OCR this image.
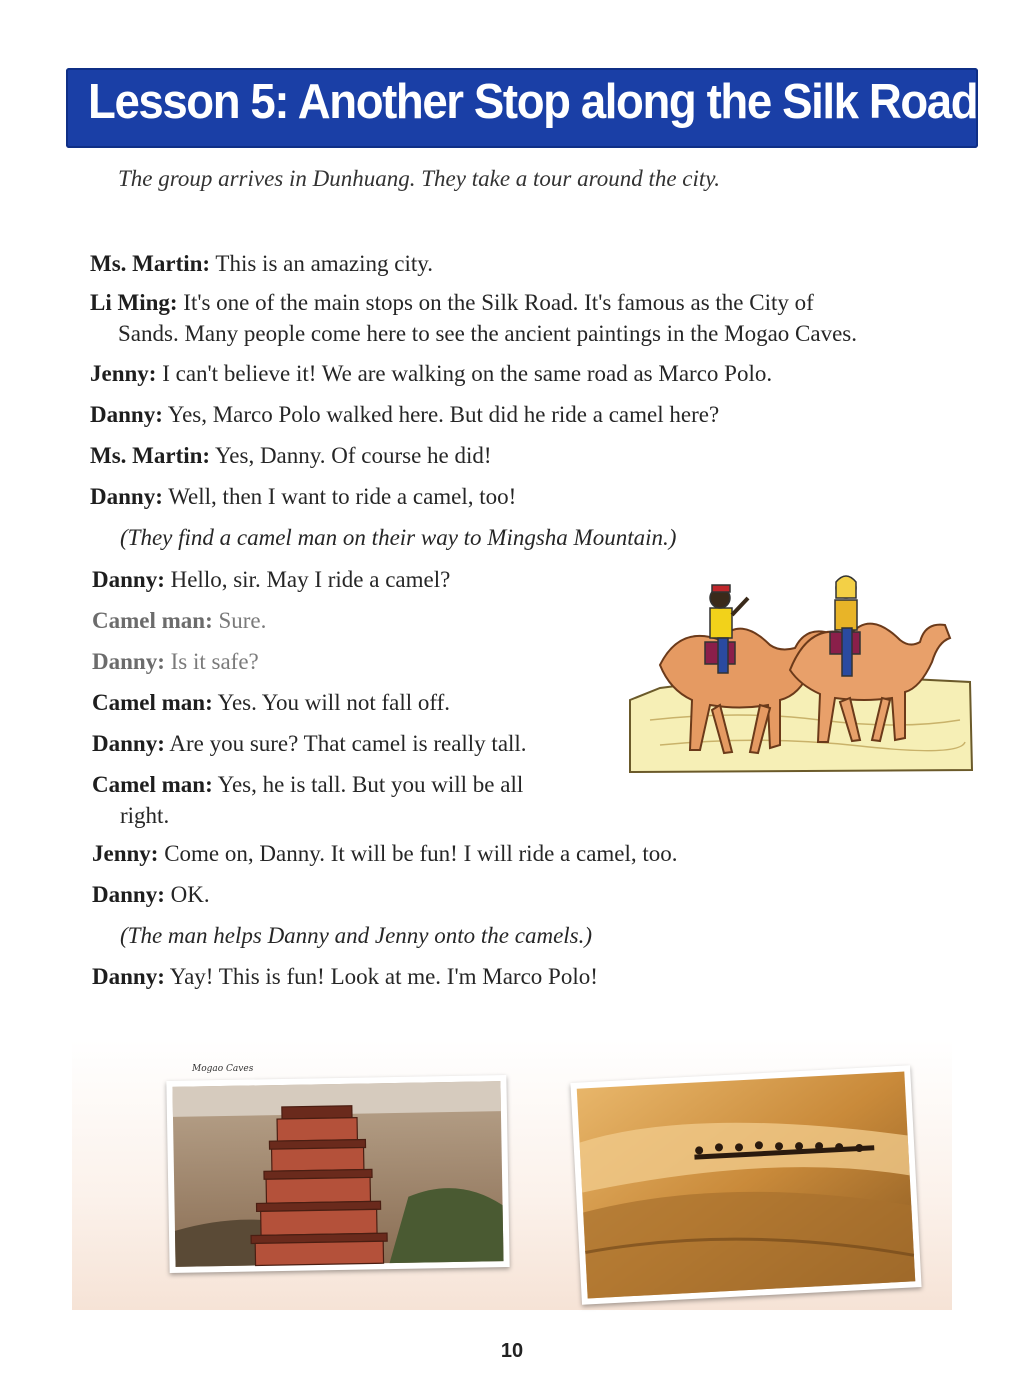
Lesson 5: Another Stop along the Silk Road
The group arrives in Dunhuang. They take a tour around the city.
Ms. Martin: This is an amazing city.
Li Ming: It's one of the main stops on the Silk Road. It's famous as the City of
Sands. Many people come here to see the ancient paintings in the Mogao Caves.
Jenny: I can't believe it! We are walking on the same road as Marco Polo.
Danny: Yes, Marco Polo walked here. But did he ride a camel here?
Ms. Martin: Yes, Danny. Of course he did!
Danny: Well, then I want to ride a camel, too!
(They find a camel man on their way to Mingsha Mountain.)
Danny: Hello, sir. May I ride a camel?
Camel man: Sure.
Danny: Is it safe?
Camel man: Yes. You will not fall off.
Danny: Are you sure? That camel is really tall.
Camel man: Yes, he is tall. But you will be all
right.
Jenny: Come on, Danny. It will be fun! I will ride a camel, too.
Danny: OK.
(The man helps Danny and Jenny onto the camels.)
Danny: Yay! This is fun! Look at me. I'm Marco Polo!
Mogao Caves
10
